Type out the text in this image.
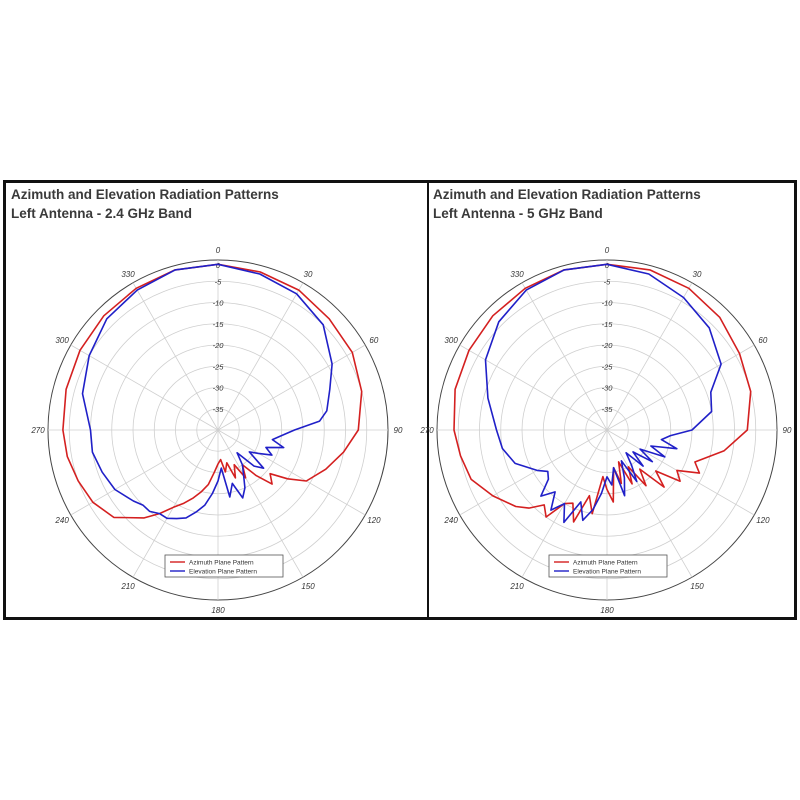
Azimuth and Elevation Radiation Patterns
Left Antenna - 2.4 GHz Band
0
30
60
90
120
150
180
210
240
270
300
330
0
-5
-10
-15
-20
-25
-30
-35
Azimuth Plane Pattern
Elevation Plane Pattern
Azimuth and Elevation Radiation Patterns
Left Antenna - 5 GHz Band
0
30
60
90
120
150
180
210
240
270
300
330
0
-5
-10
-15
-20
-25
-30
-35
Azimuth Plane Pattern
Elevation Plane Pattern
